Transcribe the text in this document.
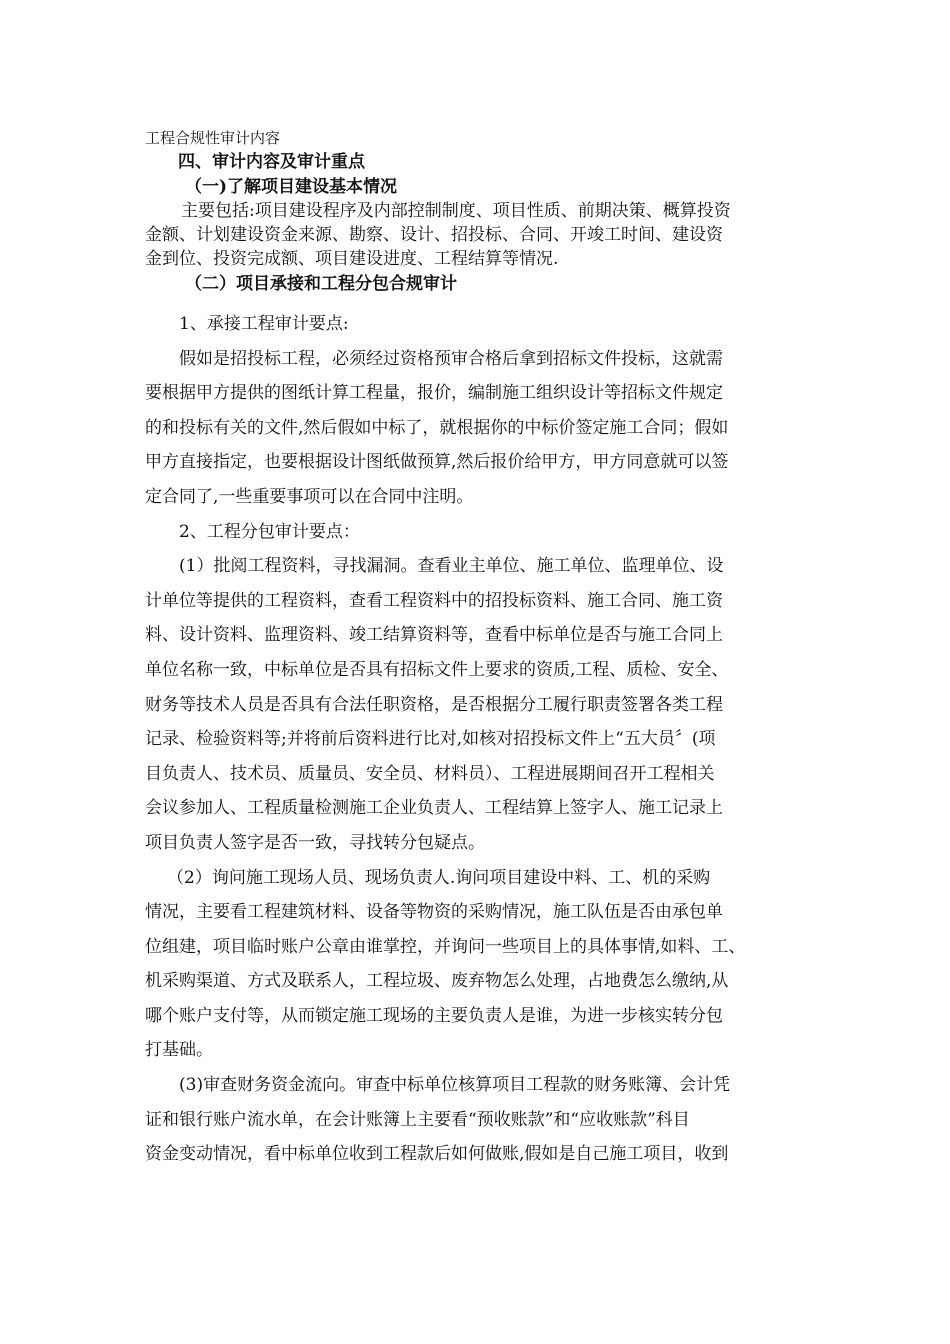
工程合规性审计内容
四、审计内容及审计重点
（一)了解项目建设基本情况
主要包括:项目建设程序及内部控制制度、项目性质、前期决策、概算投资
金额、计划建设资金来源、勘察、设计、招投标、合同、开竣工时间、建设资
金到位、投资完成额、项目建设进度、工程结算等情况.
（二）项目承接和工程分包合规审计
1、承接工程审计要点:
假如是招投标工程，必须经过资格预审合格后拿到招标文件投标，这就需
要根据甲方提供的图纸计算工程量，报价，编制施工组织设计等招标文件规定
的和投标有关的文件,然后假如中标了，就根据你的中标价签定施工合同；假如
甲方直接指定，也要根据设计图纸做预算,然后报价给甲方，甲方同意就可以签
定合同了,一些重要事项可以在合同中注明。
2、工程分包审计要点：
(1）批阅工程资料，寻找漏洞。查看业主单位、施工单位、监理单位、设
计单位等提供的工程资料，查看工程资料中的招投标资料、施工合同、施工资
料、设计资料、监理资料、竣工结算资料等，查看中标单位是否与施工合同上
单位名称一致，中标单位是否具有招标文件上要求的资质,工程、质检、安全、
财务等技术人员是否具有合法任职资格，是否根据分工履行职责签署各类工程
记录、检验资料等;并将前后资料进行比对,如核对招投标文件上“五大员〞(项
目负责人、技术员、质量员、安全员、材料员）、工程进展期间召开工程相关
会议参加人、工程质量检测施工企业负责人、工程结算上签字人、施工记录上
项目负责人签字是否一致，寻找转分包疑点。
（2）询问施工现场人员、现场负责人.询问项目建设中料、工、机的采购
情况，主要看工程建筑材料、设备等物资的采购情况，施工队伍是否由承包单
位组建，项目临时账户公章由谁掌控，并询问一些项目上的具体事情,如料、工、
机采购渠道、方式及联系人，工程垃圾、废弃物怎么处理，占地费怎么缴纳,从
哪个账户支付等，从而锁定施工现场的主要负责人是谁，为进一步核实转分包
打基础。
(3)审查财务资金流向。审查中标单位核算项目工程款的财务账簿、会计凭
证和银行账户流水单，在会计账簿上主要看“预收账款”和“应收账款”科目
资金变动情况，看中标单位收到工程款后如何做账,假如是自己施工项目，收到
